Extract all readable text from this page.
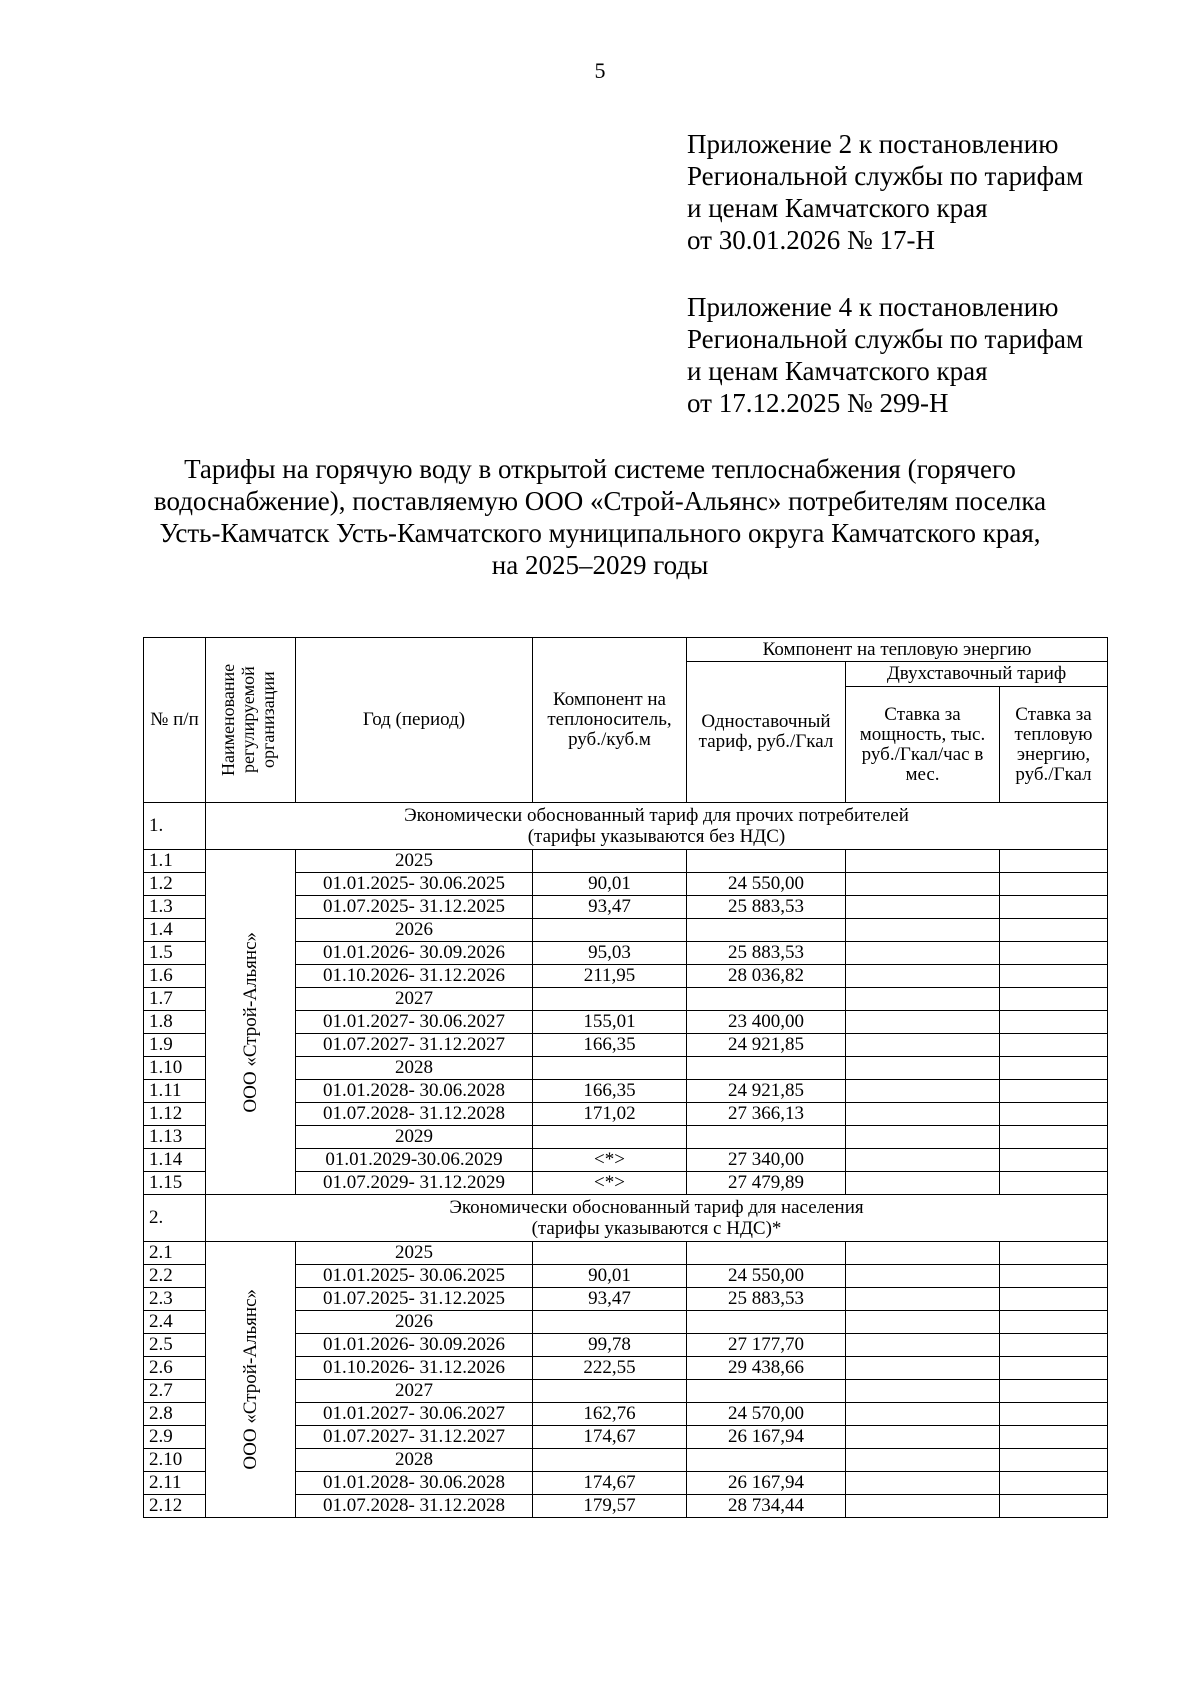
5
Приложение 2 к постановлению
Региональной службы по тарифам
и ценам Камчатского края
от 30.01.2026 № 17-Н
Приложение 4 к постановлению
Региональной службы по тарифам
и ценам Камчатского края
от 17.12.2025 № 299-Н
Тарифы на горячую воду в открытой системе теплоснабжения (горячего
водоснабжение), поставляемую ООО «Строй-Альянс» потребителям поселка
Усть-Камчатск Усть-Камчатского муниципального округа Камчатского края,
на 2025–2029 годы
№ п/п	Наименование регулируемой организации	Год (период)	Компонент на теплоноситель, руб./куб.м	Компонент на тепловую энергию		
				Одноставочный тариф, руб./Гкал	Двухставочный тариф	
					Ставка за мощность, тыс. руб./Гкал/час в мес.	Ставка за тепловую энергию, руб./Гкал
1.	Экономически обоснованный тариф для прочих потребителей
(тарифы указываются без НДС)					

1.1	ООО «Строй-Альянс»	2025				
1.2		01.01.2025- 30.06.2025	90,01	24 550,00		
1.3		01.07.2025- 31.12.2025	93,47	25 883,53		
1.4		2026				
1.5		01.01.2026- 30.09.2026	95,03	25 883,53		
1.6		01.10.2026- 31.12.2026	211,95	28 036,82		
1.7		2027				
1.8		01.01.2027- 30.06.2027	155,01	23 400,00		
1.9		01.07.2027- 31.12.2027	166,35	24 921,85		
1.10		2028				
1.11		01.01.2028- 30.06.2028	166,35	24 921,85		
1.12		01.07.2028- 31.12.2028	171,02	27 366,13		
1.13		2029				
1.14		01.01.2029-30.06.2029	<*>	27 340,00		
1.15		01.07.2029- 31.12.2029	<*>	27 479,89		
2.	Экономически обоснованный тариф для населения
(тарифы указываются с НДС)*					

2.1	ООО «Строй-Альянс»	2025				
2.2		01.01.2025- 30.06.2025	90,01	24 550,00		
2.3		01.07.2025- 31.12.2025	93,47	25 883,53		
2.4		2026				
2.5		01.01.2026- 30.09.2026	99,78	27 177,70		
2.6		01.10.2026- 31.12.2026	222,55	29 438,66		
2.7		2027				
2.8		01.01.2027- 30.06.2027	162,76	24 570,00		
2.9		01.07.2027- 31.12.2027	174,67	26 167,94		
2.10		2028				
2.11		01.01.2028- 30.06.2028	174,67	26 167,94		
2.12		01.07.2028- 31.12.2028	179,57	28 734,44		
